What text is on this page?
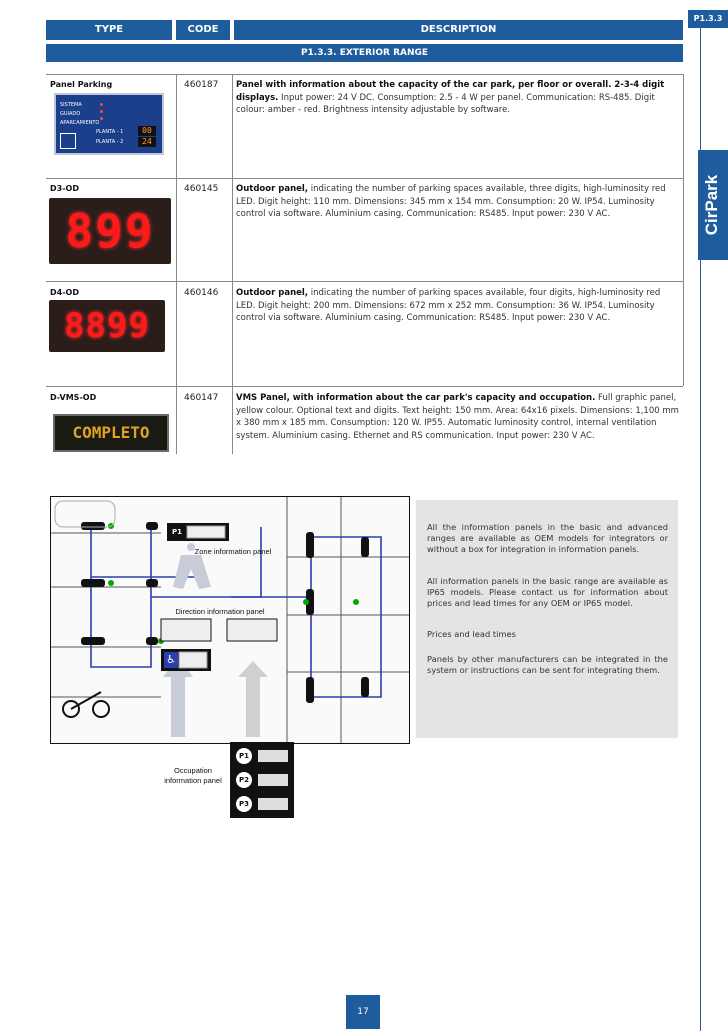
P1.3.3
CirPark
TYPE	CODE	DESCRIPTION
P1.3.3. EXTERIOR RANGE
Panel Parking	460187 Panel with information about the capacity of the car park, per floor or overall. 2-3-4 digit displays. Input power: 24 V DC. Consumption: 2.5 - 4 W per panel. Communication: RS-485. Digit colour: amber - red. Brightness intensity adjustable by software.
SISTEMA
GUIADO
APARCAMIENTO
PLANTA - 1
PLANTA - 2
00
24
D3-OD	460145 Outdoor panel, indicating the number of parking spaces available, three digits, high-luminosity red LED. Digit height: 110 mm. Dimensions: 345 mm x 154 mm. Consumption: 20 W. IP54. Luminosity control via software. Aluminium casing. Communication: RS485. Input power: 230 V AC.
899
D4-OD	460146 Outdoor panel, indicating the number of parking spaces available, four digits, high-luminosity red LED. Digit height: 200 mm. Dimensions: 672 mm x 252 mm. Consumption: 36 W. IP54. Luminosity control via software. Aluminium casing. Communication: RS485. Input power: 230 V AC.
8899
D-VMS-OD	460147 VMS Panel, with information about the car park's capacity and occupation. Full graphic panel, yellow colour. Optional text and digits. Text height: 150 mm. Area: 64x16 pixels. Dimensions: 1,100 mm x 380 mm x 185 mm. Consumption: 120 W. IP55. Automatic luminosity control, internal ventilation system. Aluminium casing. Ethernet and RS communication. Input power: 230 V AC.
COMPLETO
P1
Zone information panel
Direction information panel
♿
P1
P2
P3
Occupation information panel
All the information panels in the basic and advanced ranges are available as OEM models for integrators or without a box for integration in information panels.
All information panels in the basic range are available as IP65 models. Please contact us for information about prices and lead times for any OEM or IP65 model.
Prices and lead times
Panels by other manufacturers can be integrated in the system or instructions can be sent for integrating them.
17
